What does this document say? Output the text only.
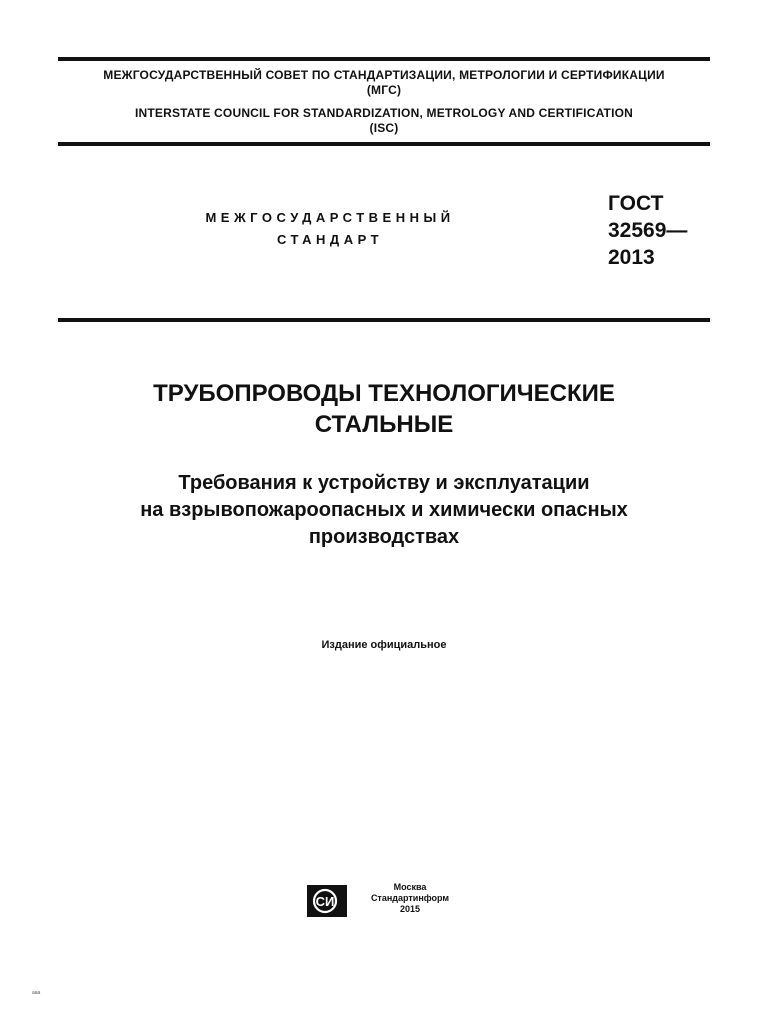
МЕЖГОСУДАРСТВЕННЫЙ СОВЕТ ПО СТАНДАРТИЗАЦИИ, МЕТРОЛОГИИ И СЕРТИФИКАЦИИ
(МГС)
INTERSTATE COUNCIL FOR STANDARDIZATION, METROLOGY AND CERTIFICATION
(ISC)
МЕЖГОСУДАРСТВЕННЫЙ
СТАНДАРТ
ГОСТ
32569—
2013
ТРУБОПРОВОДЫ ТЕХНОЛОГИЧЕСКИЕ
СТАЛЬНЫЕ
Требования к устройству и эксплуатации
на взрывопожароопасных и химически опасных
производствах
Издание официальное
СИ
Москва
Стандартинформ
2015
ааа
